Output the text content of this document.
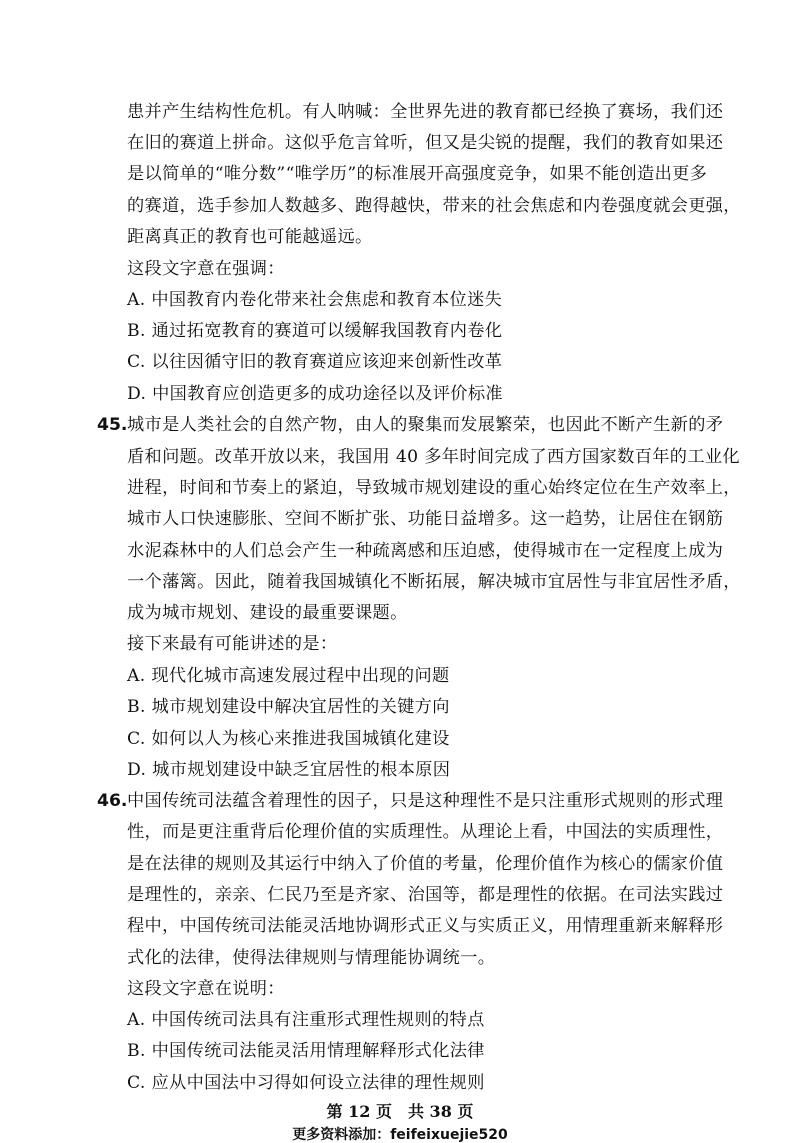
患并产生结构性危机。有人呐喊：全世界先进的教育都已经换了赛场，我们还
在旧的赛道上拼命。这似乎危言耸听，但又是尖锐的提醒，我们的教育如果还
是以简单的“唯分数”“唯学历”的标准展开高强度竞争，如果不能创造出更多
的赛道，选手参加人数越多、跑得越快，带来的社会焦虑和内卷强度就会更强，
距离真正的教育也可能越遥远。
这段文字意在强调：
A. 中国教育内卷化带来社会焦虑和教育本位迷失
B. 通过拓宽教育的赛道可以缓解我国教育内卷化
C. 以往因循守旧的教育赛道应该迎来创新性改革
D. 中国教育应创造更多的成功途径以及评价标准
45. 城市是人类社会的自然产物，由人的聚集而发展繁荣，也因此不断产生新的矛
盾和问题。改革开放以来，我国用 40 多年时间完成了西方国家数百年的工业化
进程，时间和节奏上的紧迫，导致城市规划建设的重心始终定位在生产效率上，
城市人口快速膨胀、空间不断扩张、功能日益增多。这一趋势，让居住在钢筋
水泥森林中的人们总会产生一种疏离感和压迫感，使得城市在一定程度上成为
一个藩篱。因此，随着我国城镇化不断拓展，解决城市宜居性与非宜居性矛盾，
成为城市规划、建设的最重要课题。
接下来最有可能讲述的是：
A. 现代化城市高速发展过程中出现的问题
B. 城市规划建设中解决宜居性的关键方向
C. 如何以人为核心来推进我国城镇化建设
D. 城市规划建设中缺乏宜居性的根本原因
46. 中国传统司法蕴含着理性的因子，只是这种理性不是只注重形式规则的形式理
性，而是更注重背后伦理价值的实质理性。从理论上看，中国法的实质理性，
是在法律的规则及其运行中纳入了价值的考量，伦理价值作为核心的儒家价值
是理性的，亲亲、仁民乃至是齐家、治国等，都是理性的依据。在司法实践过
程中，中国传统司法能灵活地协调形式正义与实质正义，用情理重新来解释形
式化的法律，使得法律规则与情理能协调统一。
这段文字意在说明：
A. 中国传统司法具有注重形式理性规则的特点
B. 中国传统司法能灵活用情理解释形式化法律
C. 应从中国法中习得如何设立法律的理性规则
第 12 页　共 38 页
更多资料添加：feifeixuejie520
